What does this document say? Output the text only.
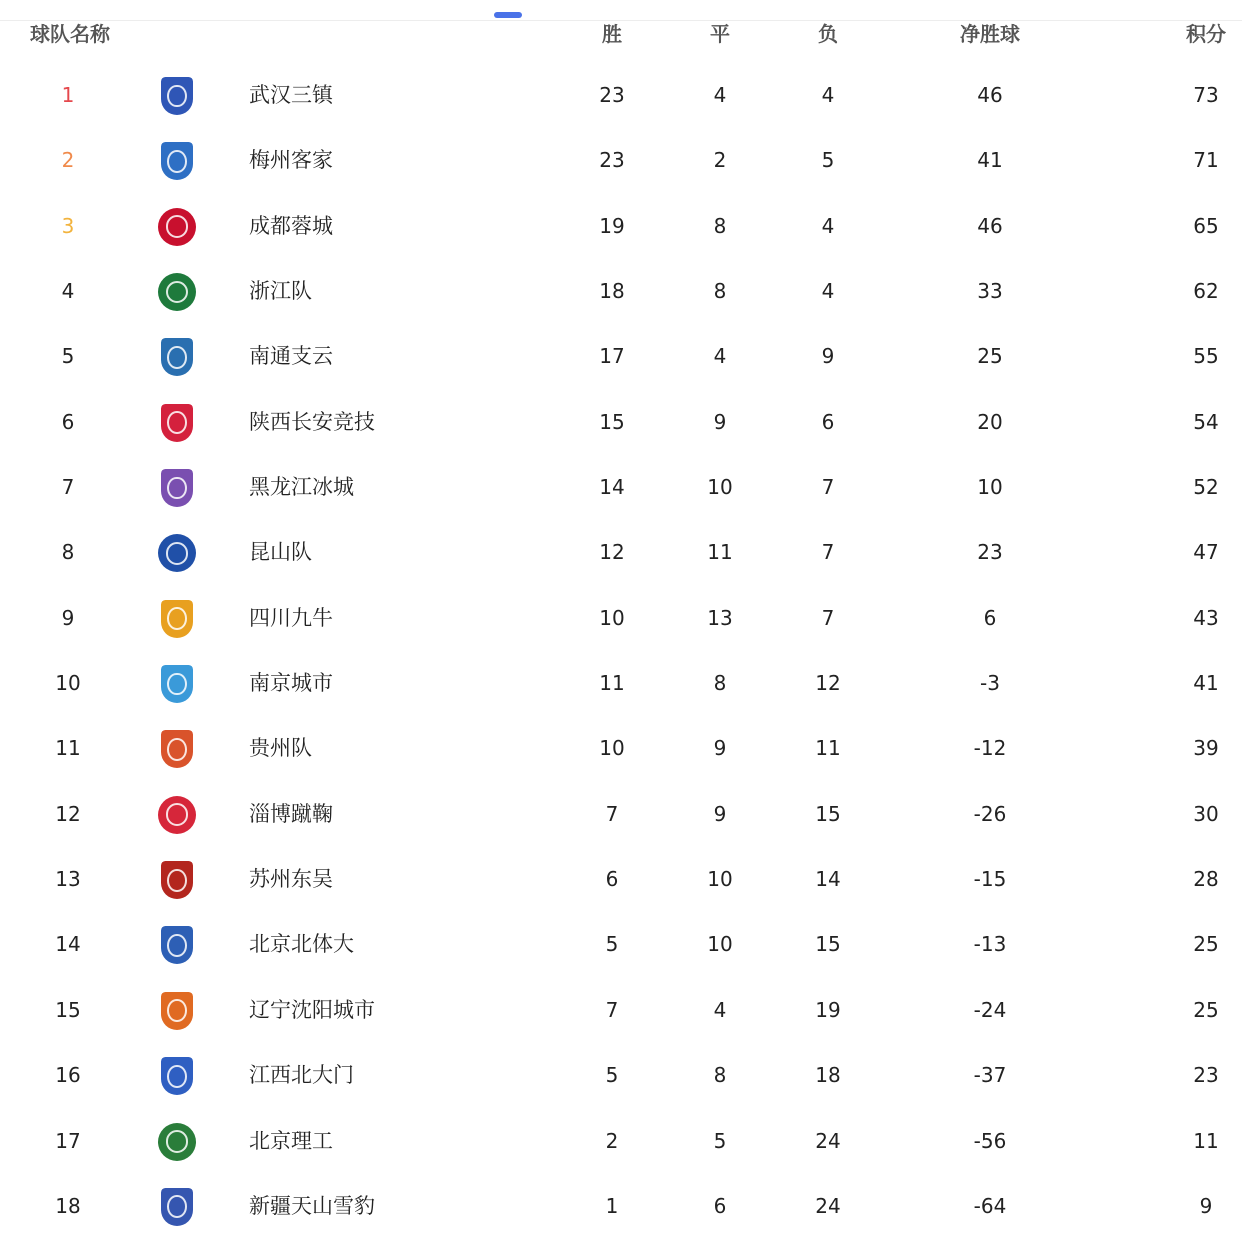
球队名称	胜	平	负	净胜球	积分
1	武汉三镇	23	4	4	46	73
2	梅州客家	23	2	5	41	71
3	成都蓉城	19	8	4	46	65
4	浙江队	18	8	4	33	62
5	南通支云	17	4	9	25	55
6	陕西长安竞技	15	9	6	20	54
7	黑龙江冰城	14	10	7	10	52
8	昆山队	12	11	7	23	47
9	四川九牛	10	13	7	6	43
10	南京城市	11	8	12	-3	41
11	贵州队	10	9	11	-12	39
12	淄博蹴鞠	7	9	15	-26	30
13	苏州东吴	6	10	14	-15	28
14	北京北体大	5	10	15	-13	25
15	辽宁沈阳城市	7	4	19	-24	25
16	江西北大门	5	8	18	-37	23
17	北京理工	2	5	24	-56	11
18	新疆天山雪豹	1	6	24	-64	9
